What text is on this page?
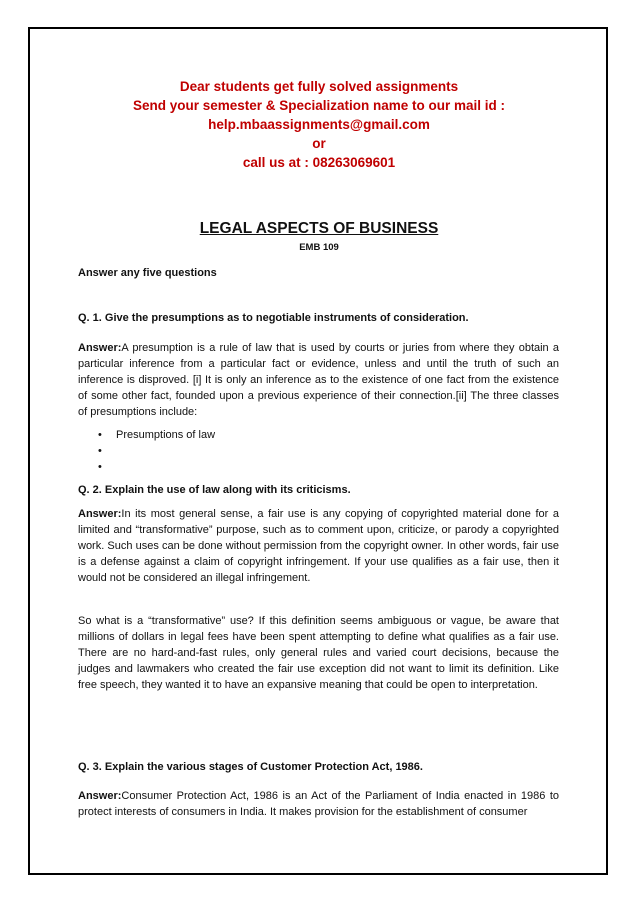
Dear students get fully solved assignments
Send your semester & Specialization name to our mail id :
help.mbaassignments@gmail.com
or
call us at : 08263069601
LEGAL ASPECTS OF BUSINESS
EMB 109
Answer any five questions
Q. 1. Give the presumptions as to negotiable instruments of consideration.
Answer:A presumption is a rule of law that is used by courts or juries from where they obtain a particular inference from a particular fact or evidence, unless and until the truth of such an inference is disproved. [i] It is only an inference as to the existence of one fact from the existence of some other fact, founded upon a previous experience of their connection.[ii] The three classes of presumptions include:
• Presumptions of law
•
•
Q. 2. Explain the use of law along with its criticisms.
Answer:In its most general sense, a fair use is any copying of copyrighted material done for a limited and “transformative” purpose, such as to comment upon, criticize, or parody a copyrighted work. Such uses can be done without permission from the copyright owner. In other words, fair use is a defense against a claim of copyright infringement. If your use qualifies as a fair use, then it would not be considered an illegal infringement.
So what is a “transformative” use? If this definition seems ambiguous or vague, be aware that millions of dollars in legal fees have been spent attempting to define what qualifies as a fair use. There are no hard-and-fast rules, only general rules and varied court decisions, because the judges and lawmakers who created the fair use exception did not want to limit its definition. Like free speech, they wanted it to have an expansive meaning that could be open to interpretation.
Q. 3. Explain the various stages of Customer Protection Act, 1986.
Answer:Consumer Protection Act, 1986 is an Act of the Parliament of India enacted in 1986 to protect interests of consumers in India. It makes provision for the establishment of consumer
